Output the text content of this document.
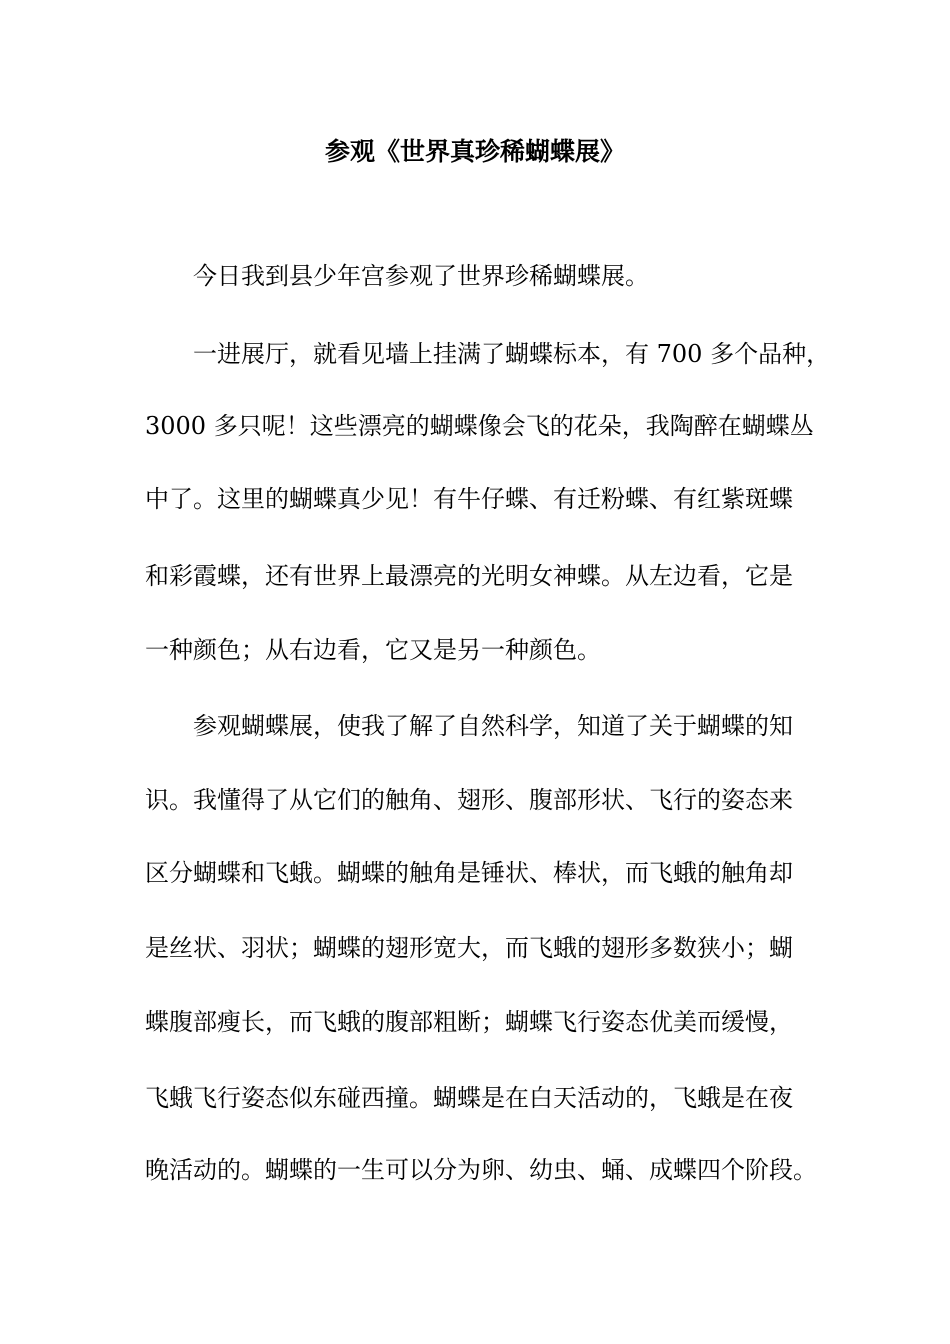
参观《世界真珍稀蝴蝶展》
今日我到县少年宫参观了世界珍稀蝴蝶展。
一进展厅，就看见墙上挂满了蝴蝶标本，有 700 多个品种，
3000 多只呢！这些漂亮的蝴蝶像会飞的花朵，我陶醉在蝴蝶丛
中了。这里的蝴蝶真少见！有牛仔蝶、有迁粉蝶、有红紫斑蝶
和彩霞蝶，还有世界上最漂亮的光明女神蝶。从左边看，它是
一种颜色；从右边看，它又是另一种颜色。
参观蝴蝶展，使我了解了自然科学，知道了关于蝴蝶的知
识。我懂得了从它们的触角、翅形、腹部形状、飞行的姿态来
区分蝴蝶和飞蛾。蝴蝶的触角是锤状、棒状，而飞蛾的触角却
是丝状、羽状；蝴蝶的翅形宽大，而飞蛾的翅形多数狭小；蝴
蝶腹部瘦长，而飞蛾的腹部粗断；蝴蝶飞行姿态优美而缓慢，
飞蛾飞行姿态似东碰西撞。蝴蝶是在白天活动的，飞蛾是在夜
晚活动的。蝴蝶的一生可以分为卵、幼虫、蛹、成蝶四个阶段。
